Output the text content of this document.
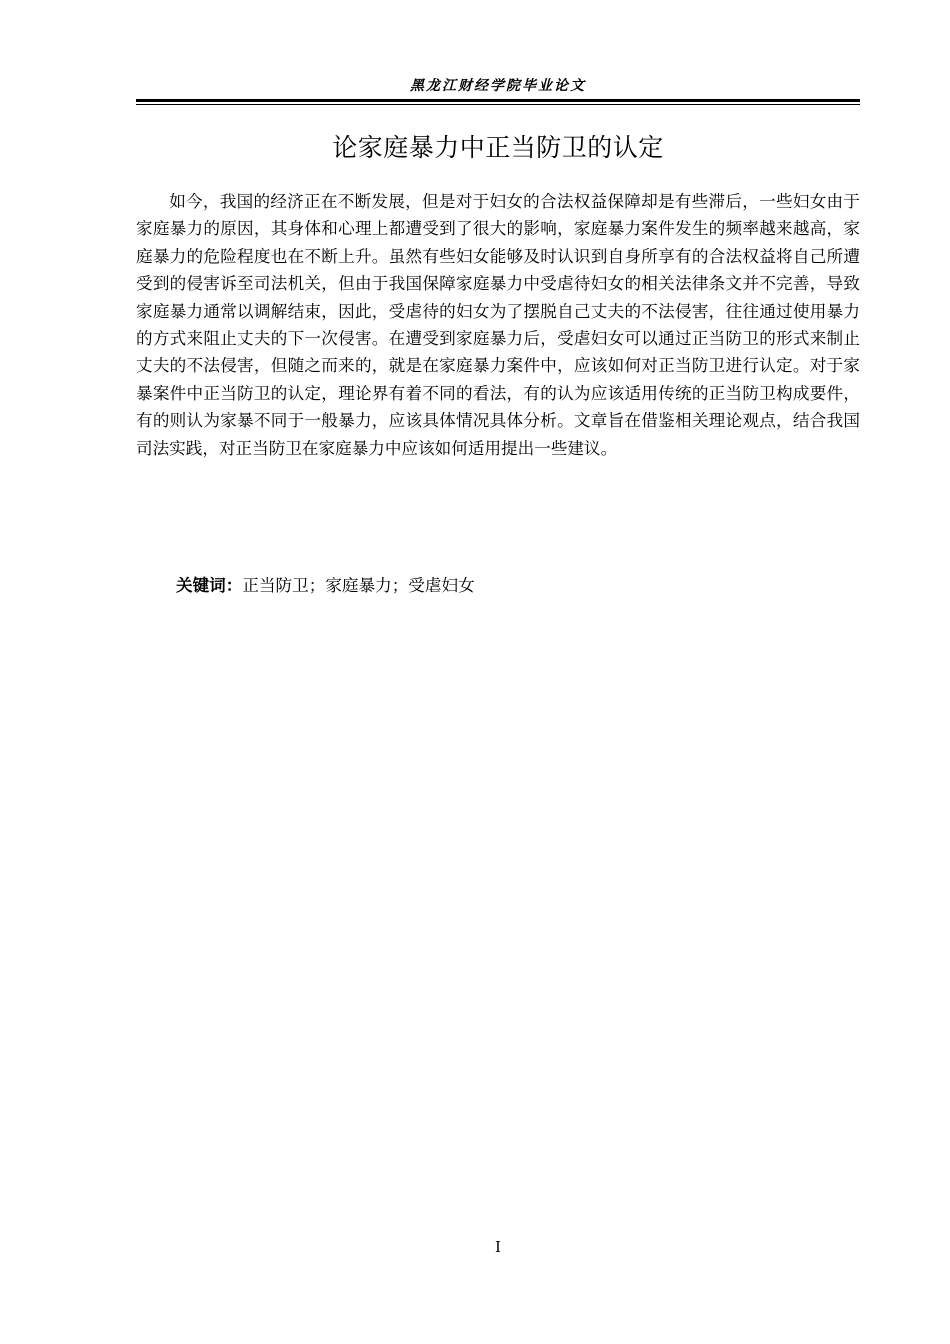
黑龙江财经学院毕业论文
论家庭暴力中正当防卫的认定

如今，我国的经济正在不断发展，但是对于妇女的合法权益保障却是有些滞后，一些妇女由于家庭暴力的原因，其身体和心理上都遭受到了很大的影响，家庭暴力案件发生的频率越来越高，家庭暴力的危险程度也在不断上升。虽然有些妇女能够及时认识到自身所享有的合法权益将自己所遭受到的侵害诉至司法机关，但由于我国保障家庭暴力中受虐待妇女的相关法律条文并不完善，导致家庭暴力通常以调解结束，因此，受虐待的妇女为了摆脱自己丈夫的不法侵害，往往通过使用暴力的方式来阻止丈夫的下一次侵害。在遭受到家庭暴力后，受虐妇女可以通过正当防卫的形式来制止丈夫的不法侵害，但随之而来的，就是在家庭暴力案件中，应该如何对正当防卫进行认定。对于家暴案件中正当防卫的认定，理论界有着不同的看法，有的认为应该适用传统的正当防卫构成要件，有的则认为家暴不同于一般暴力，应该具体情况具体分析。文章旨在借鉴相关理论观点，结合我国司法实践，对正当防卫在家庭暴力中应该如何适用提出一些建议。

关键词：正当防卫；家庭暴力；受虐妇女
I
